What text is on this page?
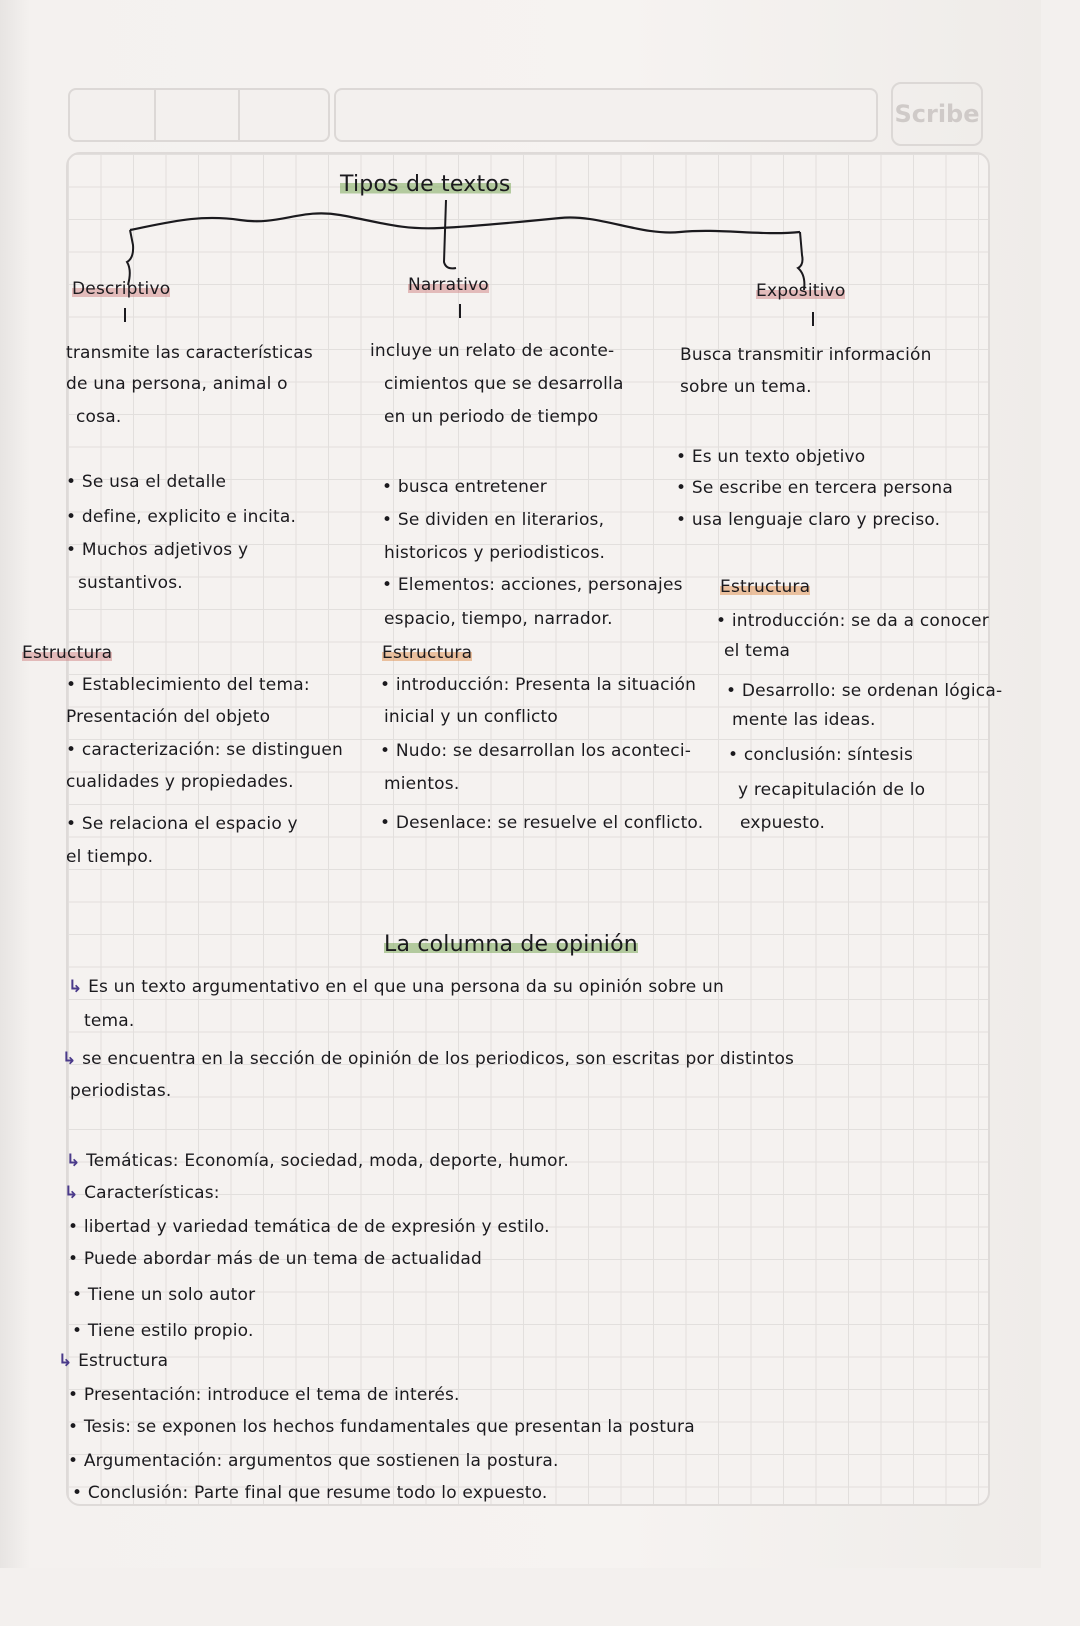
Scribe
Tipos de textos
Descriptivo	Narrativo	Expositivo
transmite las características
de una persona, animal o
cosa.
• Se usa el detalle
• define, explicito e incita.
• Muchos adjetivos y
sustantivos.
Estructura
• Establecimiento del tema:
Presentación del objeto
• caracterización: se distinguen
cualidades y propiedades.
• Se relaciona el espacio y
el tiempo.
incluye un relato de aconte-
cimientos que se desarrolla
en un periodo de tiempo
• busca entretener
• Se dividen en literarios,
historicos y periodisticos.
• Elementos: acciones, personajes
espacio, tiempo, narrador.
Estructura
• introducción: Presenta la situación
inicial y un conflicto
• Nudo: se desarrollan los aconteci-
mientos.
• Desenlace: se resuelve el conflicto.
Busca transmitir información
sobre un tema.
• Es un texto objetivo
• Se escribe en tercera persona
• usa lenguaje claro y preciso.
Estructura
• introducción: se da a conocer
el tema
• Desarrollo: se ordenan lógica-
mente las ideas.
• conclusión: síntesis
y recapitulación de lo
expuesto.
La columna de opinión
↳ Es un texto argumentativo en el que una persona da su opinión sobre un
tema.
↳ se encuentra en la sección de opinión de los periodicos, son escritas por distintos
periodistas.
↳ Temáticas: Economía, sociedad, moda, deporte, humor.
↳ Características:
• libertad y variedad temática de de expresión y estilo.
• Puede abordar más de un tema de actualidad
• Tiene un solo autor
• Tiene estilo propio.
↳ Estructura
• Presentación: introduce el tema de interés.
• Tesis: se exponen los hechos fundamentales que presentan la postura
• Argumentación: argumentos que sostienen la postura.
• Conclusión: Parte final que resume todo lo expuesto.
